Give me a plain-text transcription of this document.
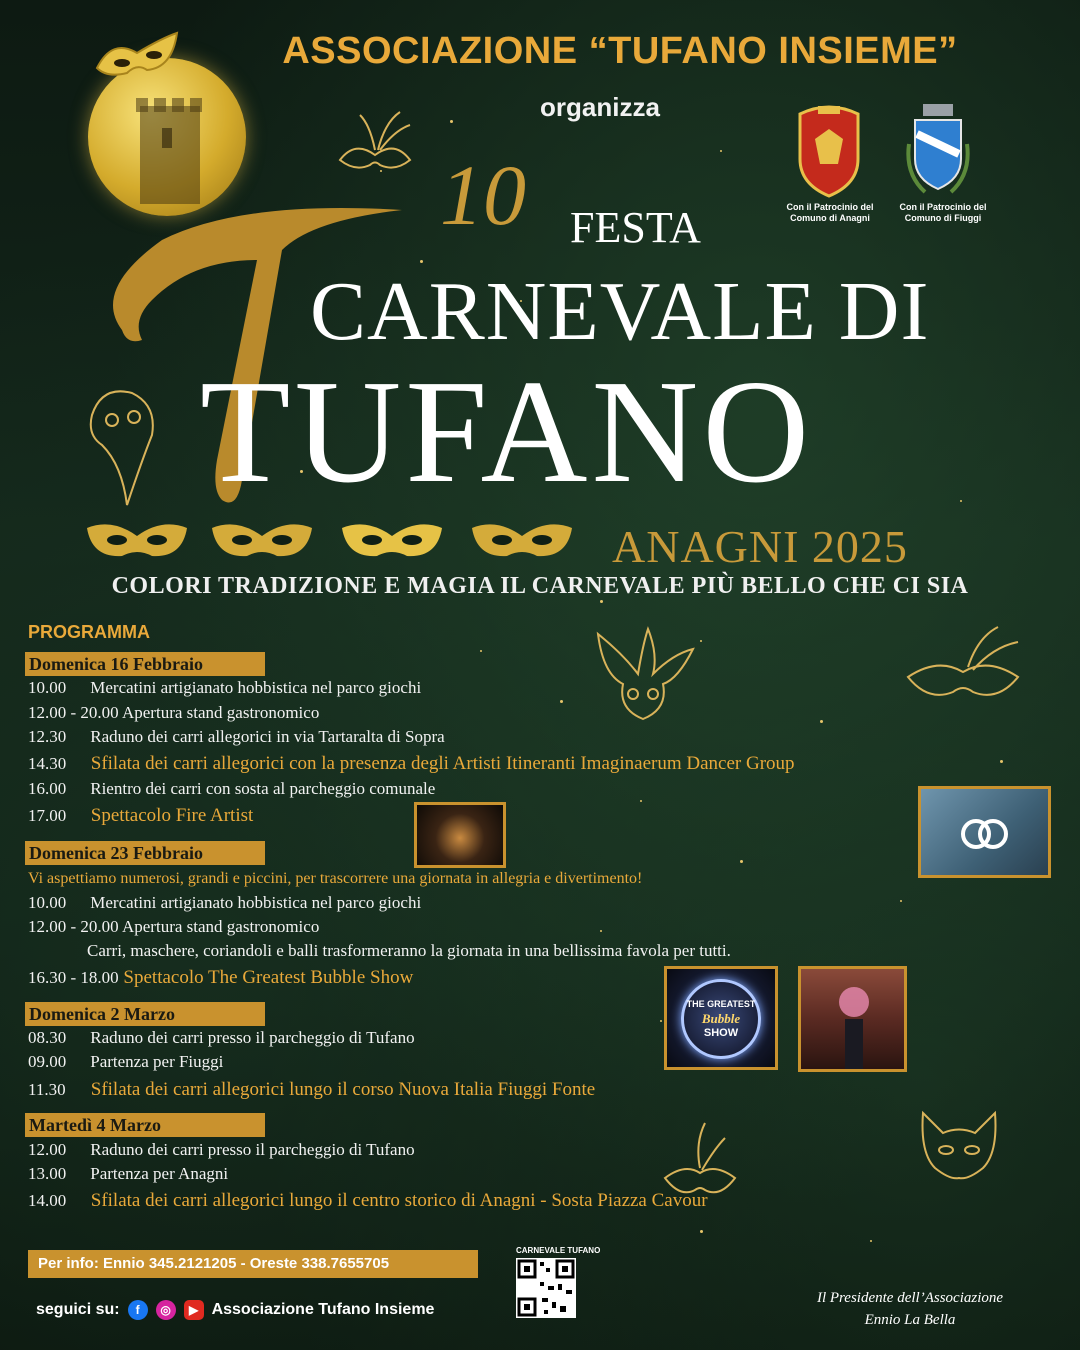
ASSOCIAZIONE “TUFANO INSIEME”
organizza
Con il Patrocinio del Comuno di Anagni
Con il Patrocinio del Comuno di Fiuggi
10 FESTA
CARNEVALE DI
TUFANO
ANAGNI 2025
COLORI TRADIZIONE E MAGIA IL CARNEVALE PIÙ BELLO CHE CI SIA
PROGRAMMA
Domenica 16 Febbraio
10.00 Mercatini artigianato hobbistica nel parco giochi
12.00 - 20.00 Apertura stand gastronomico
12.30 Raduno dei carri allegorici in via Tartaralta di Sopra
14.30 Sfilata dei carri allegorici con la presenza degli Artisti Itineranti Imaginaerum Dancer Group
16.00 Rientro dei carri con sosta al parcheggio comunale
17.00 Spettacolo Fire Artist
Domenica 23 Febbraio
Vi aspettiamo numerosi, grandi e piccini, per trascorrere una giornata in allegria e divertimento!
10.00 Mercatini artigianato hobbistica nel parco giochi
12.00 - 20.00 Apertura stand gastronomico
Carri, maschere, coriandoli e balli trasformeranno la giornata in una bellissima favola per tutti.
16.30 - 18.00 Spettacolo The Greatest Bubble Show
THE GREATEST
Bubble
SHOW
Domenica 2 Marzo
08.30 Raduno dei carri presso il parcheggio di Tufano
09.00 Partenza per Fiuggi
11.30 Sfilata dei carri allegorici lungo il corso Nuova Italia Fiuggi Fonte
Martedì 4 Marzo
12.00 Raduno dei carri presso il parcheggio di Tufano
13.00 Partenza per Anagni
14.00 Sfilata dei carri allegorici lungo il centro storico di Anagni - Sosta Piazza Cavour
Per info: Ennio 345.2121205 - Oreste 338.7655705
seguici su:	f	◎	▶ Associazione Tufano Insieme
CARNEVALE TUFANO
Il Presidente dell’Associazione
Ennio La Bella
